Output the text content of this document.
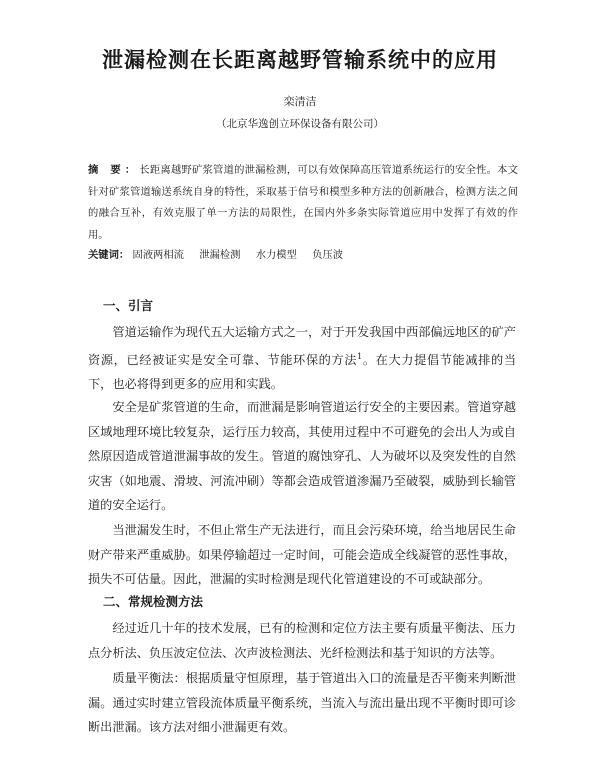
泄漏检测在长距离越野管输系统中的应用
栾清洁
（北京华逸创立环保设备有限公司）
摘 要：长距离越野矿浆管道的泄漏检测，可以有效保障高压管道系统运行的安全性。本文针对矿浆管道输送系统自身的特性，采取基于信号和模型多种方法的创新融合，检测方法之间的融合互补，有效克服了单一方法的局限性，在国内外多条实际管道应用中发挥了有效的作用。
关键词： 固液两相流 泄漏检测 水力模型 负压波
一、引言
管道运输作为现代五大运输方式之一，对于开发我国中西部偏远地区的矿产资源，已经被证实是安全可靠、节能环保的方法$^1$。在大力提倡节能减排的当下，也必将得到更多的应用和实践。
安全是矿浆管道的生命，而泄漏是影响管道运行安全的主要因素。管道穿越区域地理环境比较复杂，运行压力较高，其使用过程中不可避免的会出人为或自然原因造成管道泄漏事故的发生。管道的腐蚀穿孔、人为破坏以及突发性的自然灾害（如地震、滑坡、河流冲刷）等都会造成管道渗漏乃至破裂，威胁到长输管道的安全运行。
当泄漏发生时，不但止常生产无法进行，而且会污染环境，给当地居民生命财产带来严重威胁。如果停输超过一定时间，可能会造成全线凝管的恶性事故，损失不可估量。因此，泄漏的实时检测是现代化管道建设的不可或缺部分。
二、常规检测方法
经过近几十年的技术发展，已有的检测和定位方法主要有质量平衡法、压力点分析法、负压波定位法、次声波检测法、光纤检测法和基于知识的方法等。
质量平衡法：根据质量守恒原理，基于管道出入口的流量是否平衡来判断泄漏。通过实时建立管段流体质量平衡系统，当流入与流出量出现不平衡时即可诊断出泄漏。该方法对细小泄漏更有效。
